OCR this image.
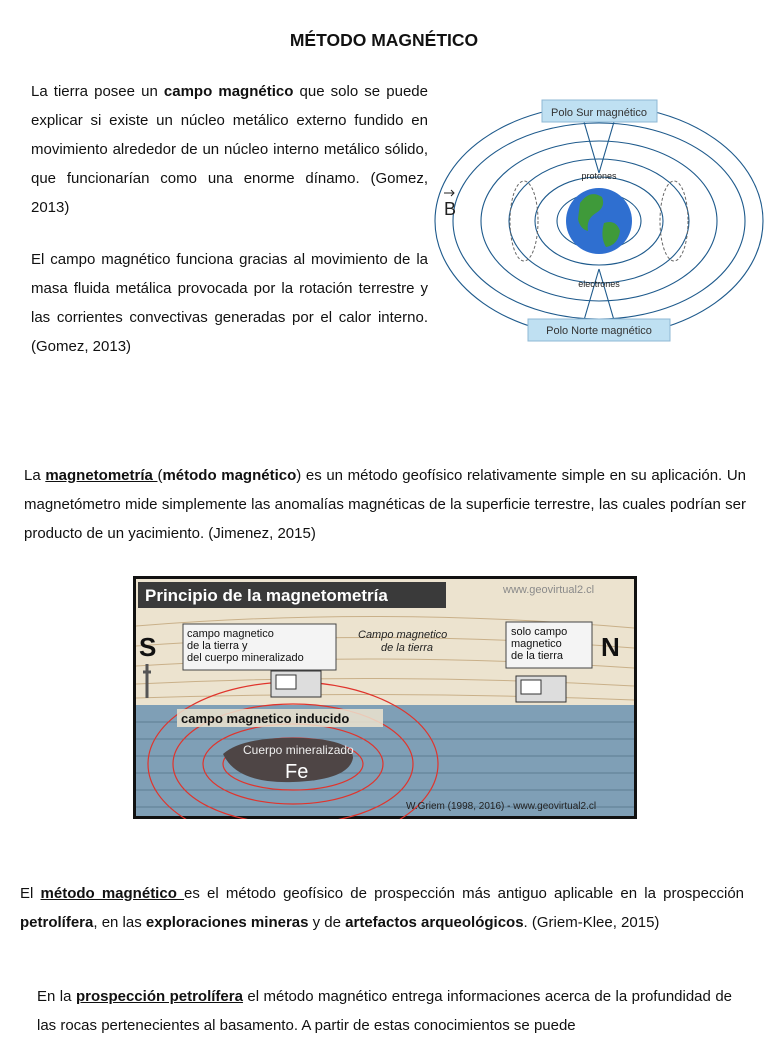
MÉTODO MAGNÉTICO

La tierra posee un campo magnético que solo se puede explicar si existe un núcleo metálico externo fundido en movimiento alrededor de un núcleo interno metálico sólido, que funcionarían como una enorme dínamo. (Gomez, 2013)

El campo magnético funciona gracias al movimiento de la masa fluida metálica provocada por la rotación terrestre y las corrientes convectivas generadas por el calor interno. (Gomez, 2013)

Polo Sur magnético
Polo Norte magnético
protones
electrones
B

La magnetometría (método magnético) es un método geofísico relativamente simple en su aplicación. Un magnetómetro mide simplemente las anomalías magnéticas de la superficie terrestre, las cuales podrían ser producto de un yacimiento. (Jimenez, 2015)

Principio de la magnetometría	www.geovirtual2.cl
S	N
campo magnetico
de la tierra y
del cuerpo mineralizado
Campo magnetico
de la tierra
solo campo
magnetico
de la tierra
campo magnetico inducido
Cuerpo mineralizado
Fe
W.Griem (1998, 2016) - www.geovirtual2.cl

El método magnético es el método geofísico de prospección más antiguo aplicable en la prospección petrolífera, en las exploraciones mineras y de artefactos arqueológicos. (Griem-Klee, 2015)

En la prospección petrolífera el método magnético entrega informaciones acerca de la profundidad de las rocas pertenecientes al basamento. A partir de estas conocimientos se puede
